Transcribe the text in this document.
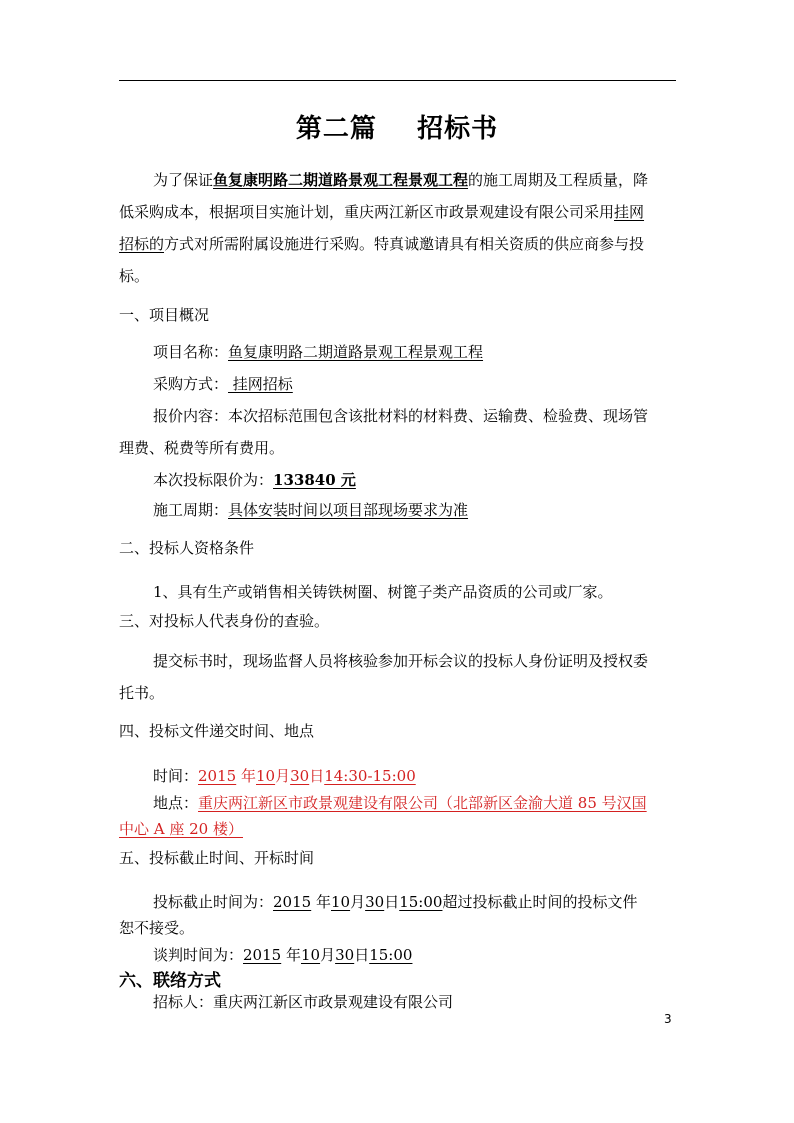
第二篇    招标书
为了保证鱼复康明路二期道路景观工程景观工程的施工周期及工程质量，降
低采购成本，根据项目实施计划，重庆两江新区市政景观建设有限公司采用挂网
招标的方式对所需附属设施进行采购。特真诚邀请具有相关资质的供应商参与投
标。
一、项目概况
项目名称：鱼复康明路二期道路景观工程景观工程
采购方式： 挂网招标
报价内容：本次招标范围包含该批材料的材料费、运输费、检验费、现场管
理费、税费等所有费用。
本次投标限价为：133840 元
施工周期：具体安装时间以项目部现场要求为准
二、投标人资格条件
1、具有生产或销售相关铸铁树圈、树篦子类产品资质的公司或厂家。
三、对投标人代表身份的查验。
提交标书时，现场监督人员将核验参加开标会议的投标人身份证明及授权委
托书。
四、投标文件递交时间、地点
时间：2015 年10月30日14:30-15:00
地点：重庆两江新区市政景观建设有限公司（北部新区金渝大道 85 号汉国
中心 A 座 20 楼）
五、投标截止时间、开标时间
投标截止时间为：2015 年10月30日15:00超过投标截止时间的投标文件
恕不接受。
谈判时间为：2015 年10月30日15:00
六、联络方式
招标人：重庆两江新区市政景观建设有限公司
3
